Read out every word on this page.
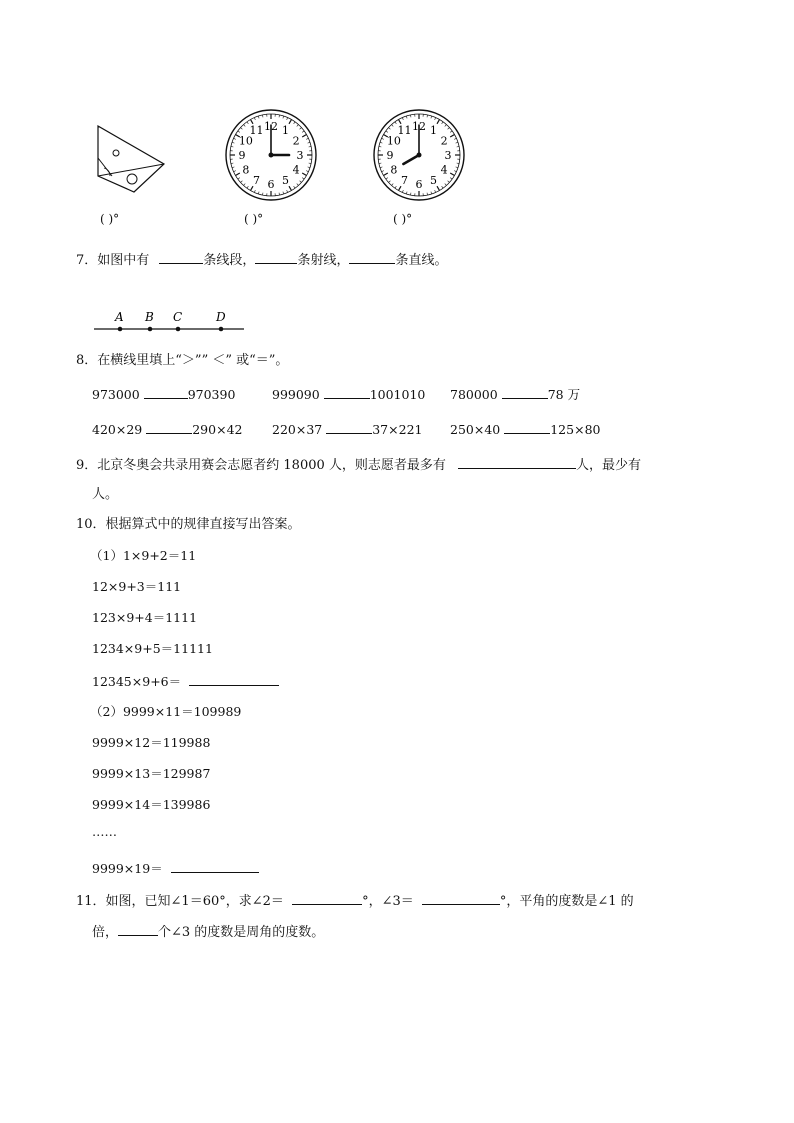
( )°
12 1
2
3
4
5
6
7
8
9
10
11
( )°
12 1
2
3
4
5
6
7
8
9
10
11
( )°
7．如图中有	条线段，	条射线，	条直线。
A B C	D
8．在横线里填上“＞”” ＜” 或“＝”。
973000	970390	999090	1001010 780000	78 万
420×29	290×42 220×37	37×221 250×40	125×80
9．北京冬奥会共录用赛会志愿者约 18000 人，则志愿者最多有	人，最少有
人。
10．根据算式中的规律直接写出答案。
（1）1×9+2＝11
12×9+3＝111
123×9+4＝1111
1234×9+5＝11111
12345×9+6＝
（2）9999×11＝109989
9999×12＝119988
9999×13＝129987
9999×14＝139986
……
9999×19＝
11．如图，已知∠1＝60°，求∠2＝	°，∠3＝	°，平角的度数是∠1 的
倍，	个∠3 的度数是周角的度数。
